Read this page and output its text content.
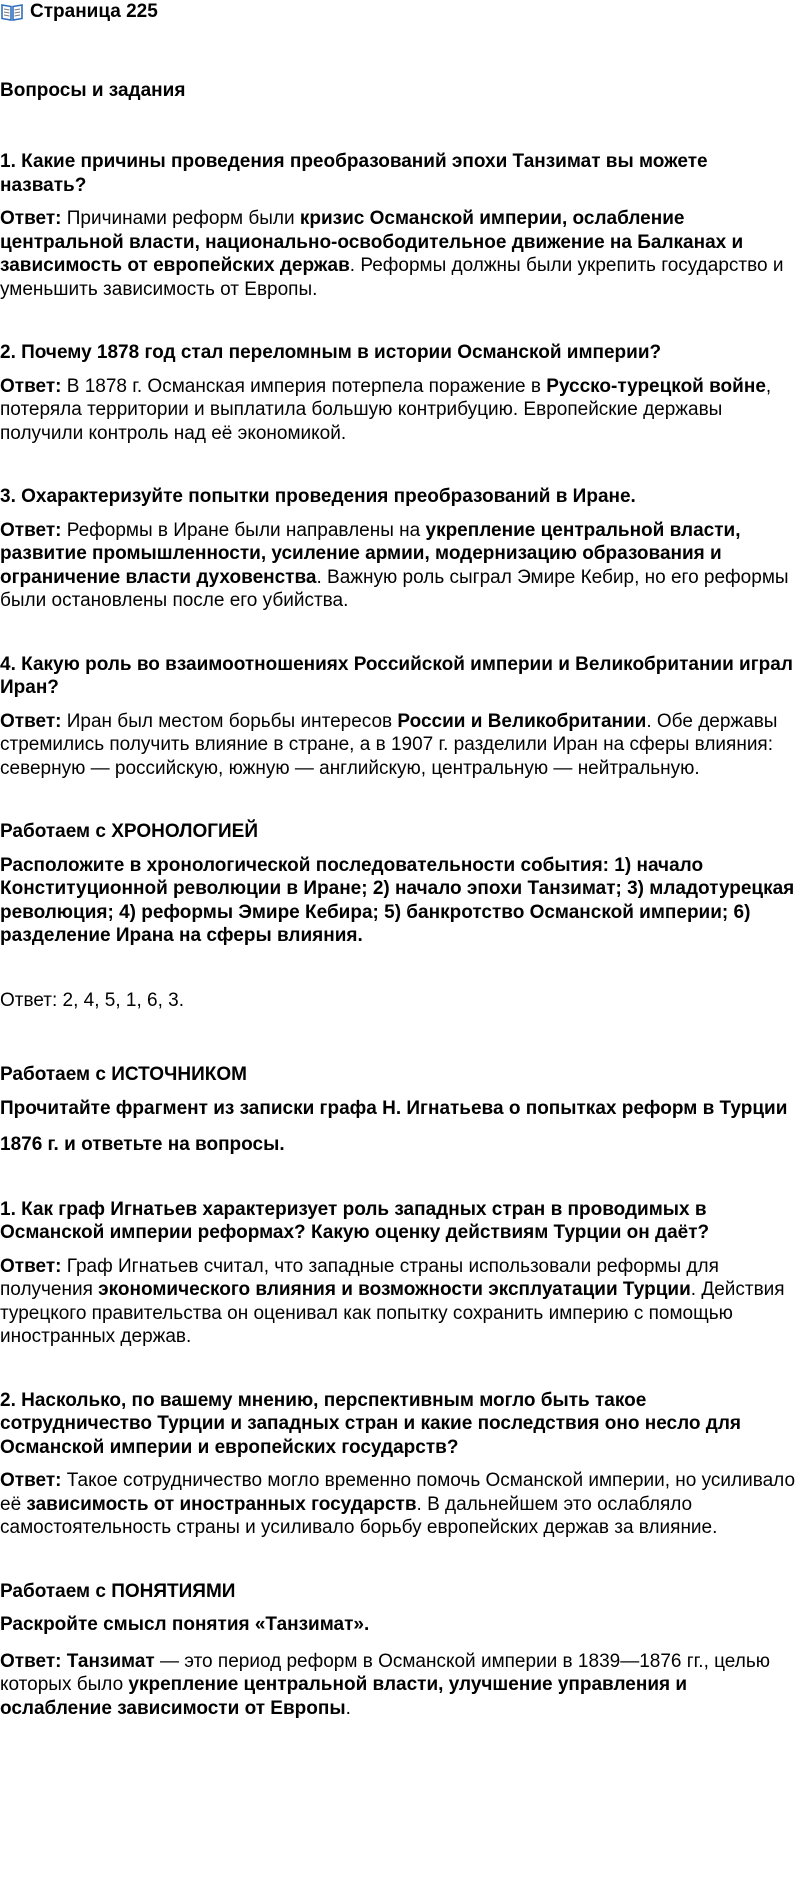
Страница 225

Вопросы и задания

1. Какие причины проведения преобразований эпохи Танзимат вы можете назвать?

Ответ: Причинами реформ были кризис Османской империи, ослабление центральной власти, национально-освободительное движение на Балканах и зависимость от европейских держав. Реформы должны были укрепить государство и уменьшить зависимость от Европы.

2. Почему 1878 год стал переломным в истории Османской империи?

Ответ: В 1878 г. Османская империя потерпела поражение в Русско-турецкой войне, потеряла территории и выплатила большую контрибуцию. Европейские державы получили контроль над её экономикой.

3. Охарактеризуйте попытки проведения преобразований в Иране.

Ответ: Реформы в Иране были направлены на укрепление центральной власти, развитие промышленности, усиление армии, модернизацию образования и ограничение власти духовенства. Важную роль сыграл Эмире Кебир, но его реформы были остановлены после его убийства.

4. Какую роль во взаимоотношениях Российской империи и Великобритании играл Иран?

Ответ: Иран был местом борьбы интересов России и Великобритании. Обе державы стремились получить влияние в стране, а в 1907 г. разделили Иран на сферы влияния: северную — российскую, южную — английскую, центральную — нейтральную.

Работаем с ХРОНОЛОГИЕЙ

Расположите в хронологической последовательности события: 1) начало Конституционной революции в Иране; 2) начало эпохи Танзимат; 3) младотурецкая революция; 4) реформы Эмире Кебира; 5) банкротство Османской империи; 6) разделение Ирана на сферы влияния.

Ответ: 2, 4, 5, 1, 6, 3.

Работаем с ИСТОЧНИКОМ

Прочитайте фрагмент из записки графа Н. Игнатьева о попытках реформ в Турции

1876 г. и ответьте на вопросы.

1. Как граф Игнатьев характеризует роль западных стран в проводимых в Османской империи реформах? Какую оценку действиям Турции он даёт?

Ответ: Граф Игнатьев считал, что западные страны использовали реформы для получения экономического влияния и возможности эксплуатации Турции. Действия турецкого правительства он оценивал как попытку сохранить империю с помощью иностранных держав.

2. Насколько, по вашему мнению, перспективным могло быть такое сотрудничество Турции и западных стран и какие последствия оно несло для Османской империи и европейских государств?

Ответ: Такое сотрудничество могло временно помочь Османской империи, но усиливало её зависимость от иностранных государств. В дальнейшем это ослабляло самостоятельность страны и усиливало борьбу европейских держав за влияние.

Работаем с ПОНЯТИЯМИ

Раскройте смысл понятия «Танзимат».

Ответ: Танзимат — это период реформ в Османской империи в 1839—1876 гг., целью которых было укрепление центральной власти, улучшение управления и ослабление зависимости от Европы.
